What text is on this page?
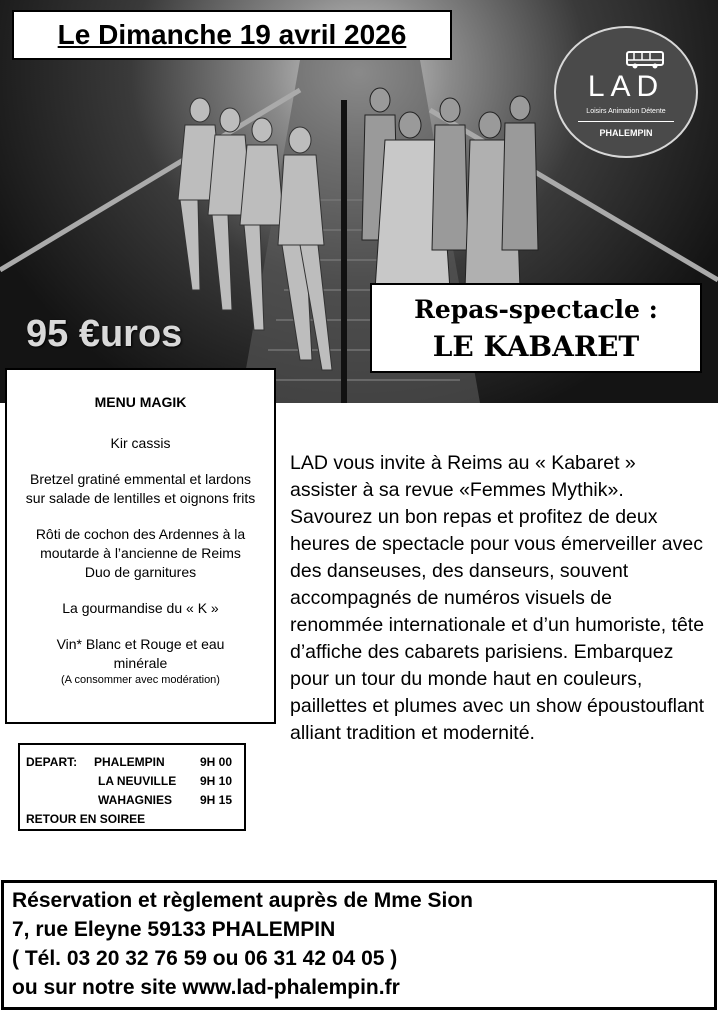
Le Dimanche 19 avril 2026
LAD
Loisirs Animation Détente
PHALEMPIN
95 €uros
Repas-spectacle :
LE KABARET
MENU MAGIK
Kir cassis
Bretzel gratiné emmental et lardons sur salade de lentilles et oignons frits
Rôti de cochon des Ardennes à la moutarde à l’ancienne de Reims
Duo de garnitures
La gourmandise du « K »
Vin* Blanc et Rouge et eau minérale
(A consommer avec modération)
DEPART: PHALEMPIN	9H 00
LA NEUVILLE 9H 10
WAHAGNIES 9H 15
RETOUR EN SOIREE
LAD vous invite à Reims au « Kabaret » assister à sa revue «Femmes Mythik». Savourez un bon repas et profitez de deux heures de spectacle pour vous émerveiller avec des danseuses, des danseurs, souvent accompagnés de numéros visuels de renommée internationale et d’un humoriste, tête d’affiche des cabarets parisiens. Embarquez pour un tour du monde haut en couleurs, paillettes et plumes avec un show époustouflant alliant tradition et modernité.
Réservation et règlement auprès de Mme Sion
7, rue Eleyne 59133 PHALEMPIN
( Tél. 03 20 32 76 59 ou 06 31 42 04 05 )
ou sur notre site www.lad-phalempin.fr
